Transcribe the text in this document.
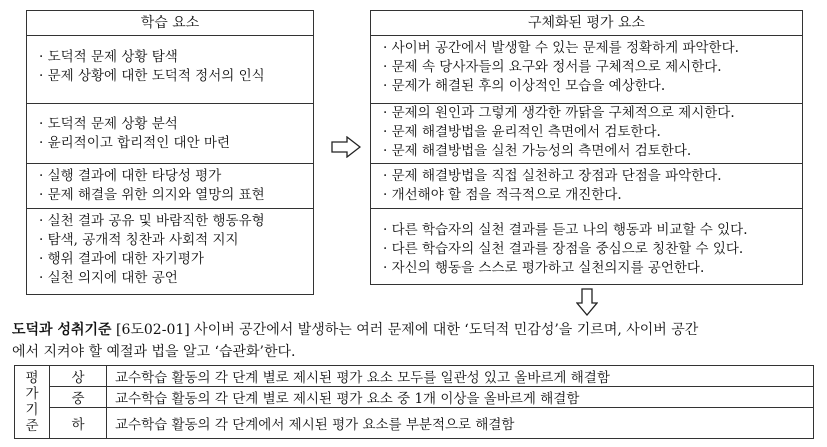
학습 요소
· 도덕적 문제 상황 탐색
· 문제 상황에 대한 도덕적 정서의 인식
· 도덕적 문제 상황 분석
· 윤리적이고 합리적인 대안 마련
· 실행 결과에 대한 타당성 평가
· 문제 해결을 위한 의지와 열망의 표현
· 실천 결과 공유 및 바람직한 행동유형
· 탐색, 공개적 칭찬과 사회적 지지
· 행위 결과에 대한 자기평가
· 실천 의지에 대한 공언
구체화된 평가 요소
· 사이버 공간에서 발생할 수 있는 문제를 정확하게 파악한다.
· 문제 속 당사자들의 요구와 정서를 구체적으로 제시한다.
· 문제가 해결된 후의 이상적인 모습을 예상한다.
· 문제의 원인과 그렇게 생각한 까닭을 구체적으로 제시한다.
· 문제 해결방법을 윤리적인 측면에서 검토한다.
· 문제 해결방법을 실천 가능성의 측면에서 검토한다.
· 문제 해결방법을 직접 실천하고 장점과 단점을 파악한다.
· 개선해야 할 점을 적극적으로 개진한다.
· 다른 학습자의 실천 결과를 듣고 나의 행동과 비교할 수 있다.
· 다른 학습자의 실천 결과를 장점을 중심으로 칭찬할 수 있다.
· 자신의 행동을 스스로 평가하고 실천의지를 공언한다.
도덕과 성취기준 [6도02-01] 사이버 공간에서 발생하는 여러 문제에 대한 ‘도덕적 민감성’을 기르며, 사이버 공간
에서 지켜야 할 예절과 법을 알고 ‘습관화’한다.
평
가
기
준	상	교수학습 활동의 각 단계 별로 제시된 평가 요소 모두를 일관성 있고 올바르게 해결함
	중	교수학습 활동의 각 단계 별로 제시된 평가 요소 중 1개 이상을 올바르게 해결함
	하	교수학습 활동의 각 단계에서 제시된 평가 요소를 부분적으로 해결함
